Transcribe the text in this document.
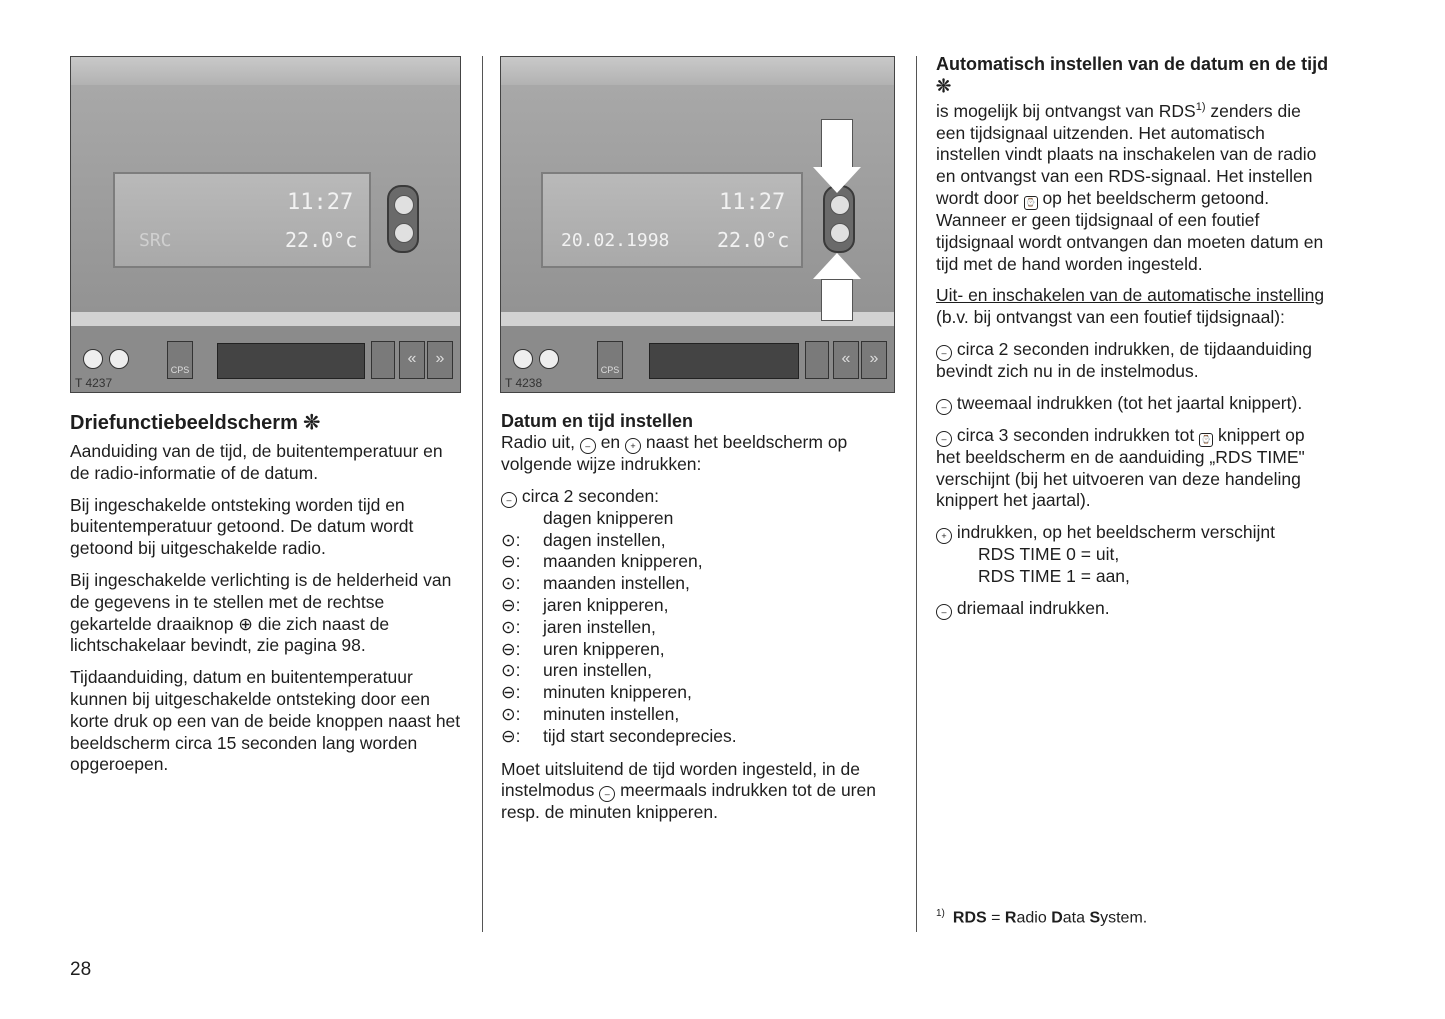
11:27
22.0°c
SRC
CPS
«	»
T 4237
11:27
22.0°c
20.02.1998
CPS
«	»
T 4238
Driefunctiebeeldscherm ❊

Aanduiding van de tijd, de buitentemperatuur en de radio-informatie of de datum.

Bij ingeschakelde ontsteking worden tijd en buitentemperatuur getoond. De datum wordt getoond bij uitgeschakelde radio.

Bij ingeschakelde verlichting is de helderheid van de gegevens in te stellen met de rechtse gekartelde draaiknop ⊕ die zich naast de lichtschakelaar bevindt, zie pagina 98.

Tijdaanduiding, datum en buitentemperatuur kunnen bij uitgeschakelde ontsteking door een korte druk op een van de beide knoppen naast het beeldscherm circa 15 seconden lang worden opgeroepen.

Datum en tijd instellen

Radio uit, – en + naast het beeldscherm op volgende wijze indrukken:

– circa 2 seconden:
dagen knipperen
⊙:	dagen instellen,
⊖:	maanden knipperen,
⊙:	maanden instellen,
⊖:	jaren knipperen,
⊙:	jaren instellen,
⊖:	uren knipperen,
⊙:	uren instellen,
⊖:	minuten knipperen,
⊙:	minuten instellen,
⊖:	tijd start secondeprecies.

Moet uitsluitend de tijd worden ingesteld, in de instelmodus – meermaals indrukken tot de uren resp. de minuten knipperen.

Automatisch instellen van de datum en de tijd ❊

is mogelijk bij ontvangst van RDS$^{1)}$ zenders die een tijdsignaal uitzenden. Het automatisch instellen vindt plaats na inschakelen van de radio en ontvangst van een RDS-signaal. Het instellen wordt door ⌚ op het beeldscherm getoond. Wanneer er geen tijdsignaal of een foutief tijdsignaal wordt ontvangen dan moeten datum en tijd met de hand worden ingesteld.

Uit- en inschakelen van de automatische instelling (b.v. bij ontvangst van een foutief tijdsignaal):

– circa 2 seconden indrukken, de tijdaanduiding bevindt zich nu in de instelmodus.

– tweemaal indrukken (tot het jaartal knippert).

– circa 3 seconden indrukken tot ⌚ knippert op het beeldscherm en de aanduiding „RDS TIME" verschijnt (bij het uitvoeren van deze handeling knippert het jaartal).

+ indrukken, op het beeldscherm verschijnt

RDS TIME 0 = uit,
RDS TIME 1 = aan,

– driemaal indrukken.

$^{1)}$ RDS = Radio Data System.
28
